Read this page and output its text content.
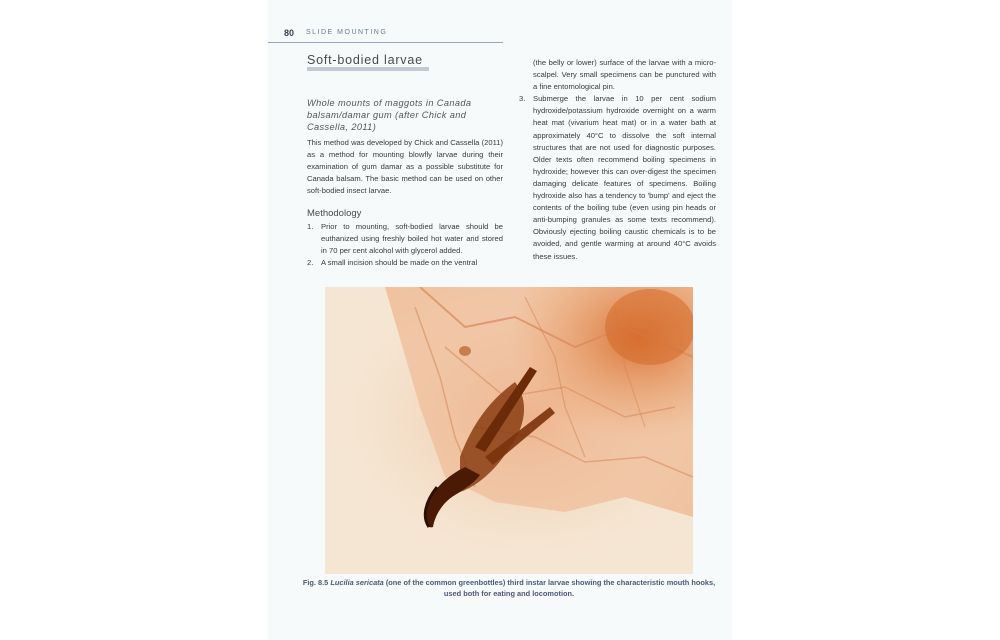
80 SLIDE MOUNTING
Soft-bodied larvae

Whole mounts of maggots in Canada balsam/damar gum (after Chick and Cassella, 2011)

This method was developed by Chick and Cassella (2011) as a method for mounting blowfly larvae during their examination of gum damar as a possible substitute for Canada balsam. The basic method can be used on other soft-bodied insect larvae.

Methodology
1. Prior to mounting, soft-bodied larvae should be euthanized using freshly boiled hot water and stored in 70 per cent alcohol with glycerol added.
2. A small incision should be made on the ventral
(the belly or lower) surface of the larvae with a micro-scalpel. Very small specimens can be punctured with a fine entomological pin.
3. Submerge the larvae in 10 per cent sodium hydroxide/potassium hydroxide overnight on a warm heat mat (vivarium heat mat) or in a water bath at approximately 40°C to dissolve the soft internal structures that are not used for diagnostic purposes. Older texts often recommend boiling specimens in hydroxide; however this can over-digest the specimen damaging delicate features of specimens. Boiling hydroxide also has a tendency to 'bump' and eject the contents of the boiling tube (even using pin heads or anti-bumping granules as some texts recommend). Obviously ejecting boiling caustic chemicals is to be avoided, and gentle warming at around 40°C avoids these issues.
Fig. 8.5 Lucilia sericata (one of the common greenbottles) third instar larvae showing the characteristic mouth hooks, used both for eating and locomotion.
